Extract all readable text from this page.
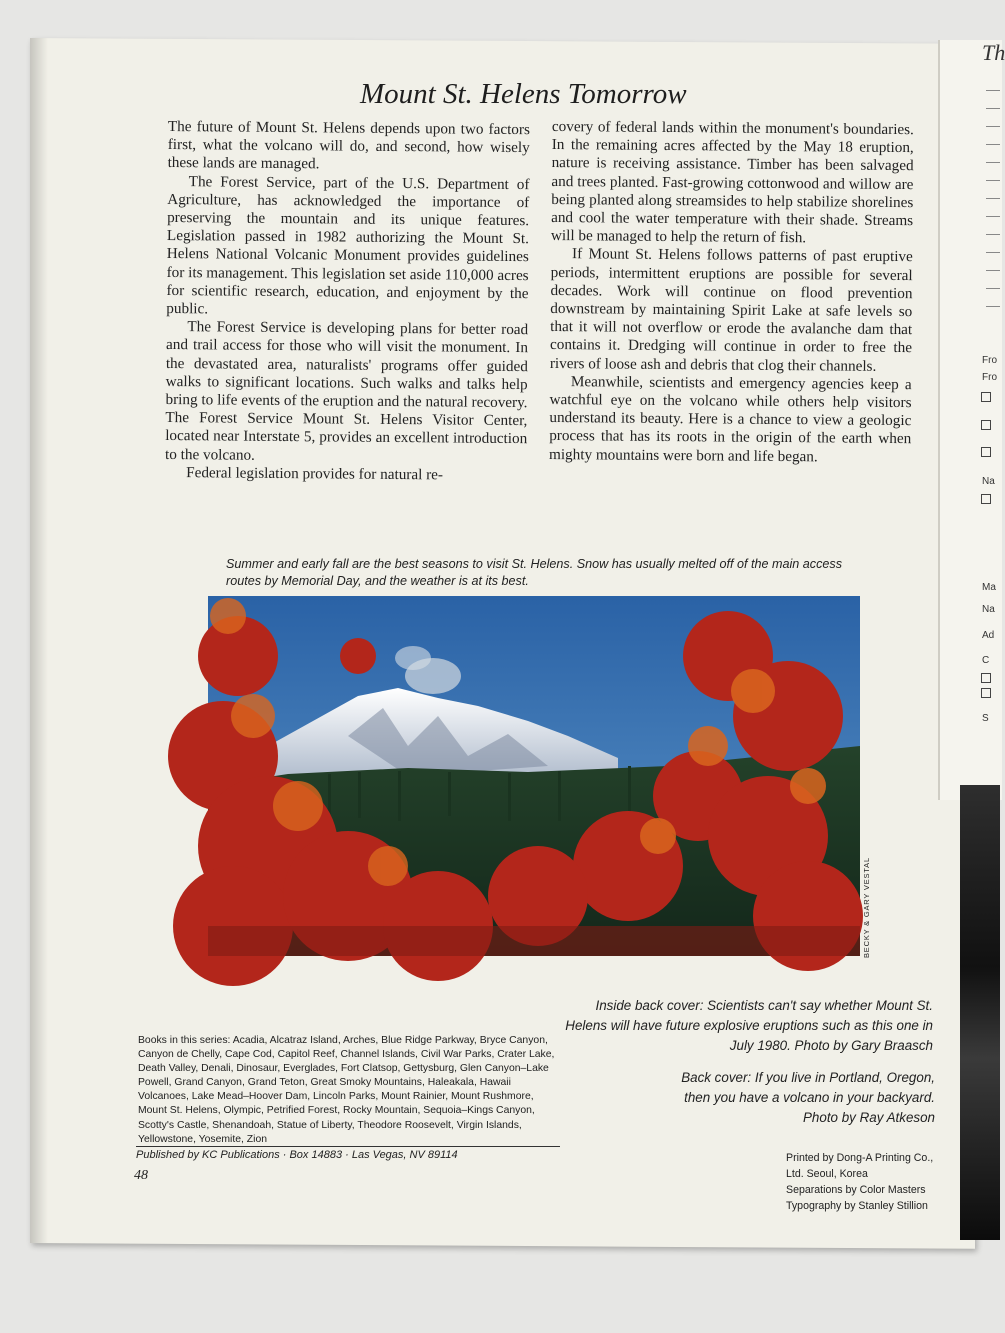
Th
Fro
Fro
Na
Ma
Na
Ad
C
S
Mount St. Helens Tomorrow

The future of Mount St. Helens depends upon two factors first, what the volcano will do, and second, how wisely these lands are managed.

The Forest Service, part of the U.S. Department of Agriculture, has acknowledged the importance of preserving the mountain and its unique features. Legislation passed in 1982 authorizing the Mount St. Helens National Volcanic Monument provides guidelines for its management. This legislation set aside 110,000 acres for scientific research, education, and enjoyment by the public.

The Forest Service is developing plans for better road and trail access for those who will visit the monument. In the devastated area, naturalists' programs offer guided walks to significant locations. Such walks and talks help bring to life events of the eruption and the natural recovery. The Forest Service Mount St. Helens Visitor Center, located near Interstate 5, provides an excellent introduction to the volcano.

Federal legislation provides for natural re-

covery of federal lands within the monument's boundaries. In the remaining acres affected by the May 18 eruption, nature is receiving assistance. Timber has been salvaged and trees planted. Fast-growing cottonwood and willow are being planted along streamsides to help stabilize shorelines and cool the water temperature with their shade. Streams will be managed to help the return of fish.

If Mount St. Helens follows patterns of past eruptive periods, intermittent eruptions are possible for several decades. Work will continue on flood prevention downstream by maintaining Spirit Lake at safe levels so that it will not overflow or erode the avalanche dam that contains it. Dredging will continue in order to free the rivers of loose ash and debris that clog their channels.

Meanwhile, scientists and emergency agencies keep a watchful eye on the volcano while others help visitors understand its beauty. Here is a chance to view a geologic process that has its roots in the origin of the earth when mighty mountains were born and life began.

Summer and early fall are the best seasons to visit St. Helens. Snow has usually melted off of the main access routes by Memorial Day, and the weather is at its best.
BECKY & GARY VESTAL
Inside back cover: Scientists can't say whether Mount St. Helens will have future explosive eruptions such as this one in July 1980. Photo by Gary Braasch
Back cover: If you live in Portland, Oregon, then you have a volcano in your backyard. Photo by Ray Atkeson
Books in this series: Acadia, Alcatraz Island, Arches, Blue Ridge Parkway, Bryce Canyon, Canyon de Chelly, Cape Cod, Capitol Reef, Channel Islands, Civil War Parks, Crater Lake, Death Valley, Denali, Dinosaur, Everglades, Fort Clatsop, Gettysburg, Glen Canyon–Lake Powell, Grand Canyon, Grand Teton, Great Smoky Mountains, Haleakala, Hawaii Volcanoes, Lake Mead–Hoover Dam, Lincoln Parks, Mount Rainier, Mount Rushmore, Mount St. Helens, Olympic, Petrified Forest, Rocky Mountain, Sequoia–Kings Canyon, Scotty's Castle, Shenandoah, Statue of Liberty, Theodore Roosevelt, Virgin Islands, Yellowstone, Yosemite, Zion
Published by KC Publications · Box 14883 · Las Vegas, NV 89114
48
Printed by Dong-A Printing Co.,
Ltd. Seoul, Korea
Separations by Color Masters
Typography by Stanley Stillion
